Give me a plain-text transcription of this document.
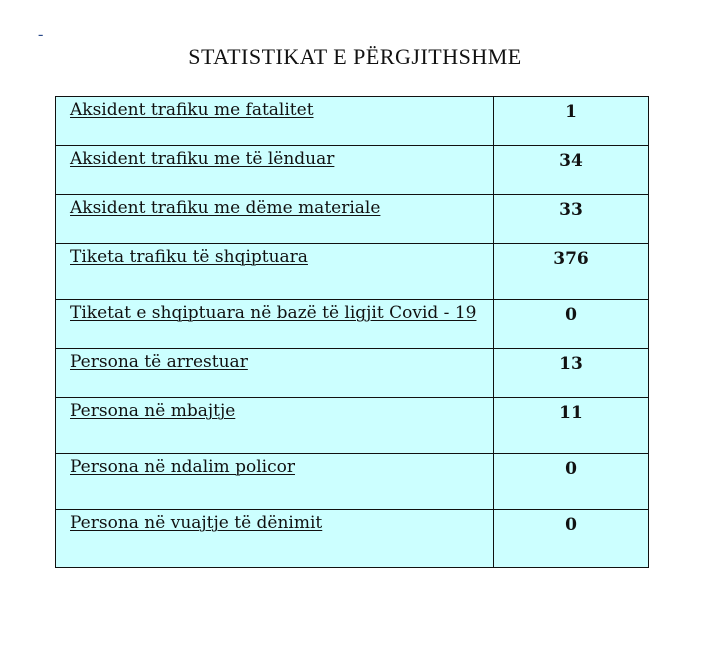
-
STATISTIKAT E PËRGJITHSHME
Aksident trafiku me fatalitet	1
Aksident trafiku me të lënduar	34
Aksident trafiku me dëme materiale	33
Tiketa trafiku të shqiptuara	376
Tiketat e shqiptuara në bazë të ligjit Covid - 19	0
Persona të arrestuar	13
Persona në mbajtje	11
Persona në ndalim policor	0
Persona në vuajtje të dënimit	0
